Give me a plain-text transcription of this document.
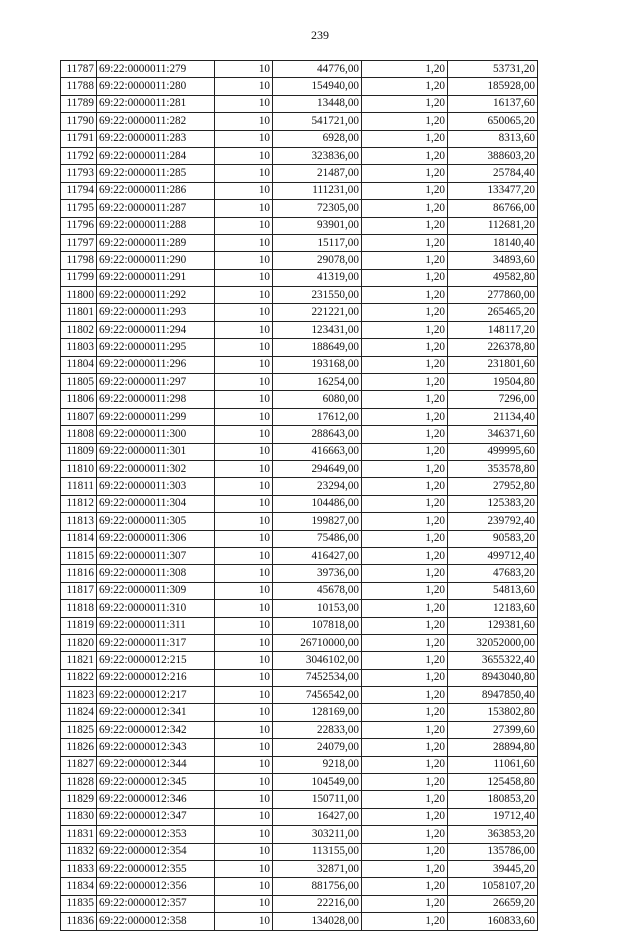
239
11787	69:22:0000011:279	10	44776,00	1,20	53731,20
11788	69:22:0000011:280	10	154940,00	1,20	185928,00
11789	69:22:0000011:281	10	13448,00	1,20	16137,60
11790	69:22:0000011:282	10	541721,00	1,20	650065,20
11791	69:22:0000011:283	10	6928,00	1,20	8313,60
11792	69:22:0000011:284	10	323836,00	1,20	388603,20
11793	69:22:0000011:285	10	21487,00	1,20	25784,40
11794	69:22:0000011:286	10	111231,00	1,20	133477,20
11795	69:22:0000011:287	10	72305,00	1,20	86766,00
11796	69:22:0000011:288	10	93901,00	1,20	112681,20
11797	69:22:0000011:289	10	15117,00	1,20	18140,40
11798	69:22:0000011:290	10	29078,00	1,20	34893,60
11799	69:22:0000011:291	10	41319,00	1,20	49582,80
11800	69:22:0000011:292	10	231550,00	1,20	277860,00
11801	69:22:0000011:293	10	221221,00	1,20	265465,20
11802	69:22:0000011:294	10	123431,00	1,20	148117,20
11803	69:22:0000011:295	10	188649,00	1,20	226378,80
11804	69:22:0000011:296	10	193168,00	1,20	231801,60
11805	69:22:0000011:297	10	16254,00	1,20	19504,80
11806	69:22:0000011:298	10	6080,00	1,20	7296,00
11807	69:22:0000011:299	10	17612,00	1,20	21134,40
11808	69:22:0000011:300	10	288643,00	1,20	346371,60
11809	69:22:0000011:301	10	416663,00	1,20	499995,60
11810	69:22:0000011:302	10	294649,00	1,20	353578,80
11811	69:22:0000011:303	10	23294,00	1,20	27952,80
11812	69:22:0000011:304	10	104486,00	1,20	125383,20
11813	69:22:0000011:305	10	199827,00	1,20	239792,40
11814	69:22:0000011:306	10	75486,00	1,20	90583,20
11815	69:22:0000011:307	10	416427,00	1,20	499712,40
11816	69:22:0000011:308	10	39736,00	1,20	47683,20
11817	69:22:0000011:309	10	45678,00	1,20	54813,60
11818	69:22:0000011:310	10	10153,00	1,20	12183,60
11819	69:22:0000011:311	10	107818,00	1,20	129381,60
11820	69:22:0000011:317	10	26710000,00	1,20	32052000,00
11821	69:22:0000012:215	10	3046102,00	1,20	3655322,40
11822	69:22:0000012:216	10	7452534,00	1,20	8943040,80
11823	69:22:0000012:217	10	7456542,00	1,20	8947850,40
11824	69:22:0000012:341	10	128169,00	1,20	153802,80
11825	69:22:0000012:342	10	22833,00	1,20	27399,60
11826	69:22:0000012:343	10	24079,00	1,20	28894,80
11827	69:22:0000012:344	10	9218,00	1,20	11061,60
11828	69:22:0000012:345	10	104549,00	1,20	125458,80
11829	69:22:0000012:346	10	150711,00	1,20	180853,20
11830	69:22:0000012:347	10	16427,00	1,20	19712,40
11831	69:22:0000012:353	10	303211,00	1,20	363853,20
11832	69:22:0000012:354	10	113155,00	1,20	135786,00
11833	69:22:0000012:355	10	32871,00	1,20	39445,20
11834	69:22:0000012:356	10	881756,00	1,20	1058107,20
11835	69:22:0000012:357	10	22216,00	1,20	26659,20
11836	69:22:0000012:358	10	134028,00	1,20	160833,60
